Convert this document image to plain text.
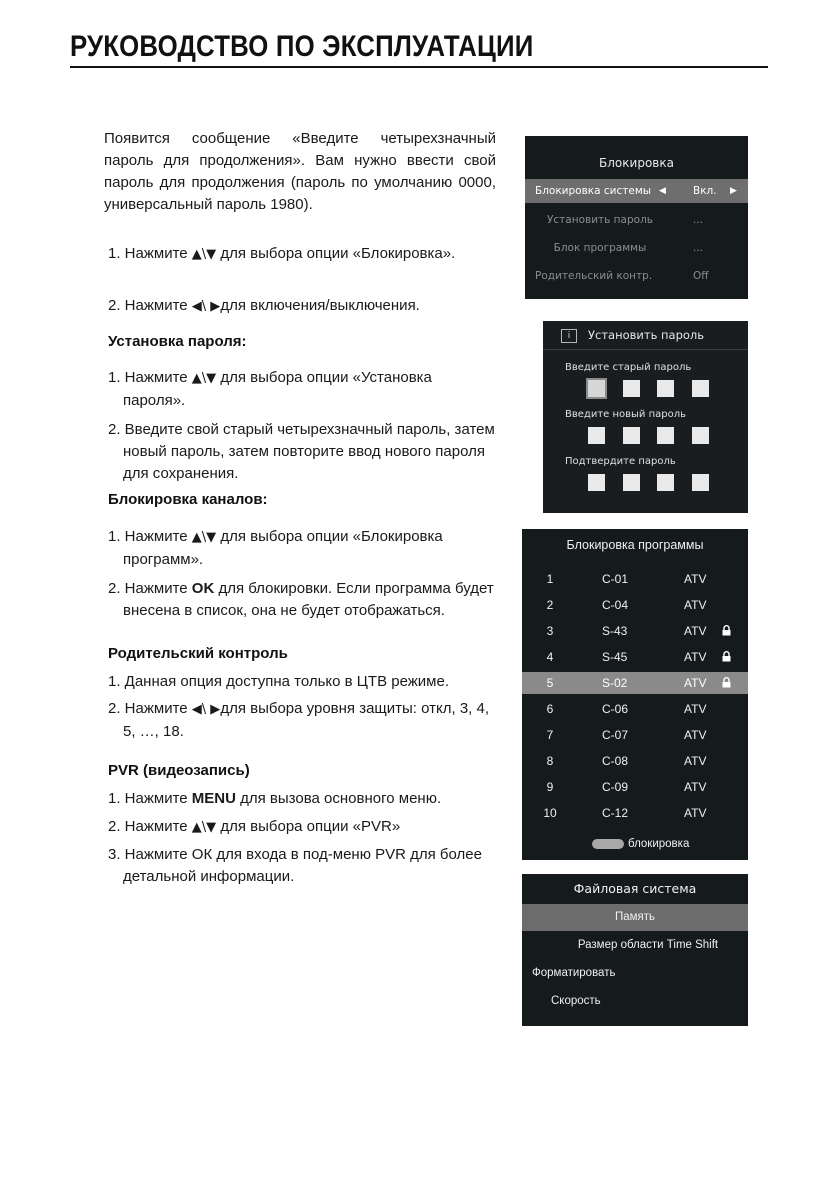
РУКОВОДСТВО ПО ЭКСПЛУАТАЦИИ

Появится сообщение «Введите четырехзначный пароль для продолжения». Вам нужно ввести свой пароль для продолжения (пароль по умолчанию 0000, универсальный пароль 1980).

1. Нажмите ▲\▼ для выбора опции «Блокировка».
2. Нажмите ◀\ ▶для включения/выключения.
Установка пароля:
1. Нажмите ▲\▼ для выбора опции «Установка пароля».
2. Введите свой старый четырехзначный пароль, затем новый пароль, затем повторите ввод нового пароля для сохранения.
Блокировка каналов:
1. Нажмите ▲\▼ для выбора опции «Блокировка программ».
2. Нажмите OK для блокировки. Если программа будет внесена в список, она не будет отображаться.
Родительский контроль
1. Данная опция доступна только в ЦТВ режиме.
2. Нажмите ◀\ ▶для выбора уровня защиты: откл, 3, 4, 5, …, 18.
PVR (видеозапись)
1. Нажмите MENU для вызова основного меню.
2. Нажмите ▲\▼ для выбора опции «PVR»
3. Нажмите ОК для входа в под-меню PVR для более детальной информации.
Блокировка
Блокировка системы ◀	Вкл. ▶
Установить пароль	...
Блок программы	...
Родительский контр.	Off
i	Установить пароль
Введите старый пароль
Введите новый пароль
Подтвердите пароль
Блокировка программы
1	C-01	ATV
2	C-04	ATV
3	S-43	ATV
4	S-45	ATV
5	S-02	ATV
6	C-06	ATV
7	C-07	ATV
8	C-08	ATV
9	C-09	ATV
10	C-12	ATV
блокировка
Файловая система
Память
Размер области Time Shift
Форматировать
Скорость
